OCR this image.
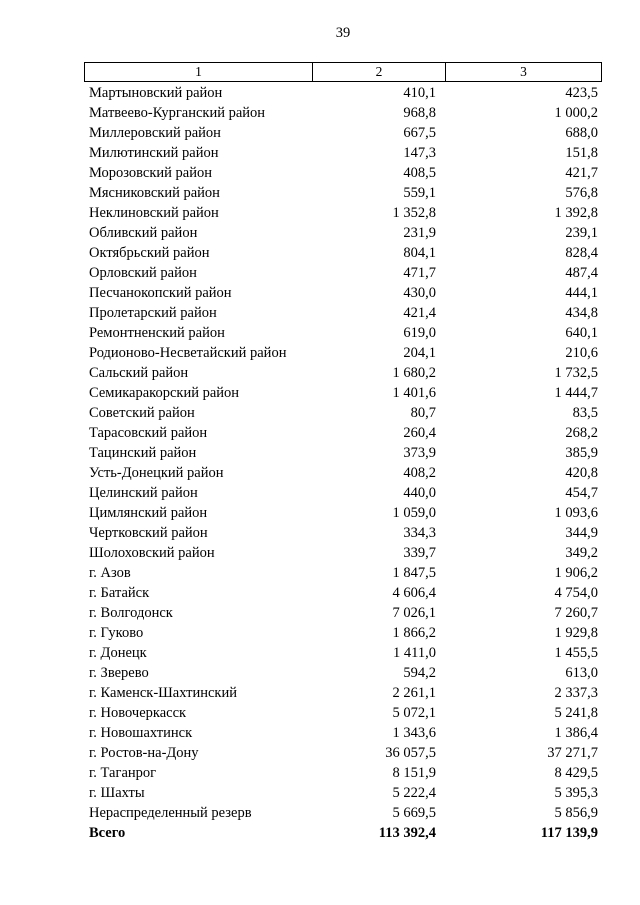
39
1	2	3
Мартыновский район	410,1	423,5
Матвеево-Курганский район	968,8	1 000,2
Миллеровский район	667,5	688,0
Милютинский район	147,3	151,8
Морозовский район	408,5	421,7
Мясниковский район	559,1	576,8
Неклиновский район	1 352,8	1 392,8
Обливский район	231,9	239,1
Октябрьский район	804,1	828,4
Орловский район	471,7	487,4
Песчанокопский район	430,0	444,1
Пролетарский район	421,4	434,8
Ремонтненский район	619,0	640,1
Родионово-Несветайский район	204,1	210,6
Сальский район	1 680,2	1 732,5
Семикаракорский район	1 401,6	1 444,7
Советский район	80,7	83,5
Тарасовский район	260,4	268,2
Тацинский район	373,9	385,9
Усть-Донецкий район	408,2	420,8
Целинский район	440,0	454,7
Цимлянский район	1 059,0	1 093,6
Чертковский район	334,3	344,9
Шолоховский район	339,7	349,2
г. Азов	1 847,5	1 906,2
г. Батайск	4 606,4	4 754,0
г. Волгодонск	7 026,1	7 260,7
г. Гуково	1 866,2	1 929,8
г. Донецк	1 411,0	1 455,5
г. Зверево	594,2	613,0
г. Каменск-Шахтинский	2 261,1	2 337,3
г. Новочеркасск	5 072,1	5 241,8
г. Новошахтинск	1 343,6	1 386,4
г. Ростов-на-Дону	36 057,5	37 271,7
г. Таганрог	8 151,9	8 429,5
г. Шахты	5 222,4	5 395,3
Нераспределенный резерв	5 669,5	5 856,9
Всего	113 392,4	117 139,9
